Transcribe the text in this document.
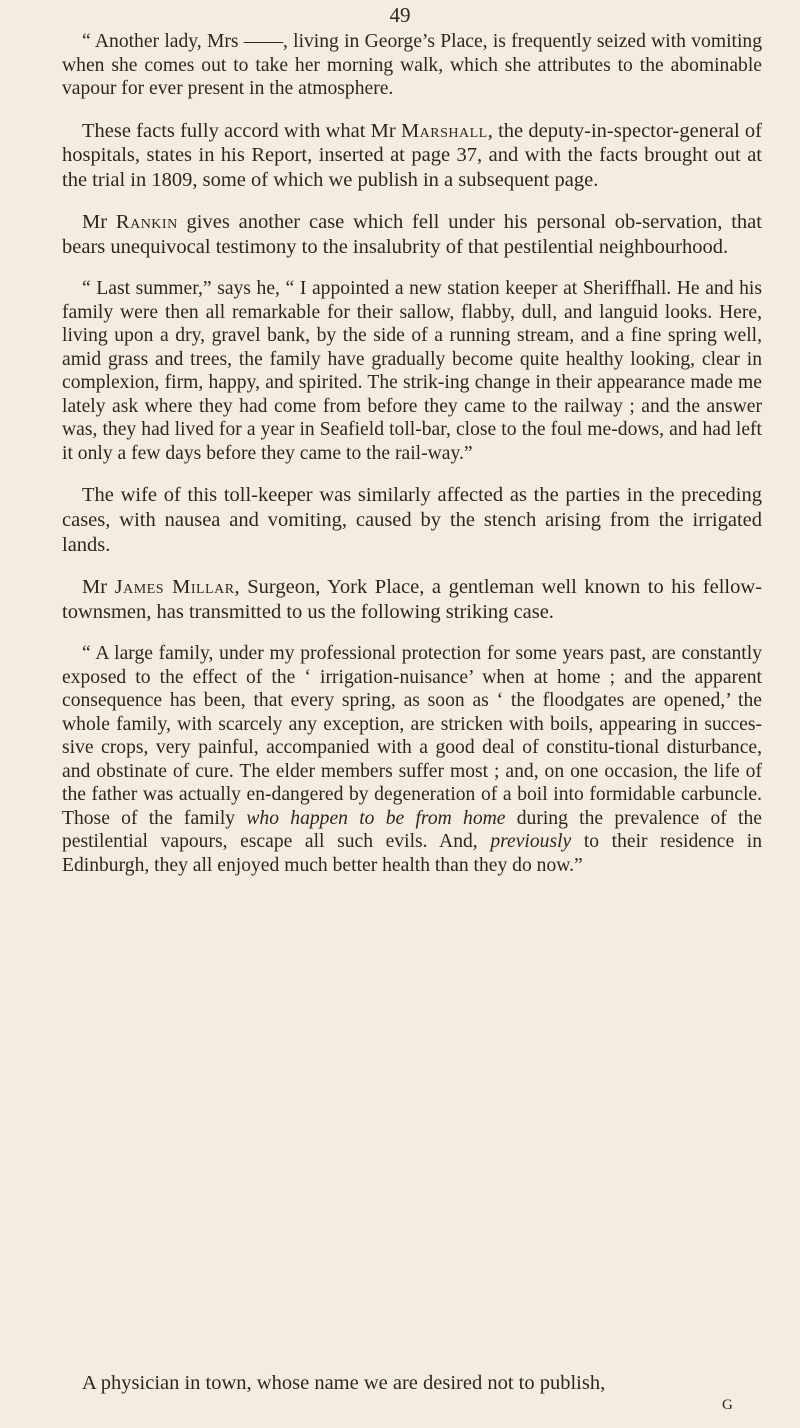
49

“ Another lady, Mrs ——, living in George’s Place, is frequently seized with vomiting when she comes out to take her morning walk, which she attributes to the abominable vapour for ever present in the atmosphere.

These facts fully accord with what Mr Marshall, the deputy-in-spector-general of hospitals, states in his Report, inserted at page 37, and with the facts brought out at the trial in 1809, some of which we publish in a subsequent page.

Mr Rankin gives another case which fell under his personal ob-servation, that bears unequivocal testimony to the insalubrity of that pestilential neighbourhood.

“ Last summer,” says he, “ I appointed a new station keeper at Sheriffhall. He and his family were then all remarkable for their sallow, flabby, dull, and languid looks. Here, living upon a dry, gravel bank, by the side of a running stream, and a fine spring well, amid grass and trees, the family have gradually become quite healthy looking, clear in complexion, firm, happy, and spirited. The strik-ing change in their appearance made me lately ask where they had come from before they came to the railway ; and the answer was, they had lived for a year in Seafield toll-bar, close to the foul me-dows, and had left it only a few days before they came to the rail-way.”

The wife of this toll-keeper was similarly affected as the parties in the preceding cases, with nausea and vomiting, caused by the stench arising from the irrigated lands.

Mr James Millar, Surgeon, York Place, a gentleman well known to his fellow-townsmen, has transmitted to us the following striking case.

“ A large family, under my professional protection for some years past, are constantly exposed to the effect of the ‘ irrigation-nuisance’ when at home ; and the apparent consequence has been, that every spring, as soon as ‘ the floodgates are opened,’ the whole family, with scarcely any exception, are stricken with boils, appearing in succes-sive crops, very painful, accompanied with a good deal of constitu-tional disturbance, and obstinate of cure. The elder members suffer most ; and, on one occasion, the life of the father was actually en-dangered by degeneration of a boil into formidable carbuncle. Those of the family who happen to be from home during the prevalence of the pestilential vapours, escape all such evils. And, previously to their residence in Edinburgh, they all enjoyed much better health than they do now.”

A physician in town, whose name we are desired not to publish,
G
